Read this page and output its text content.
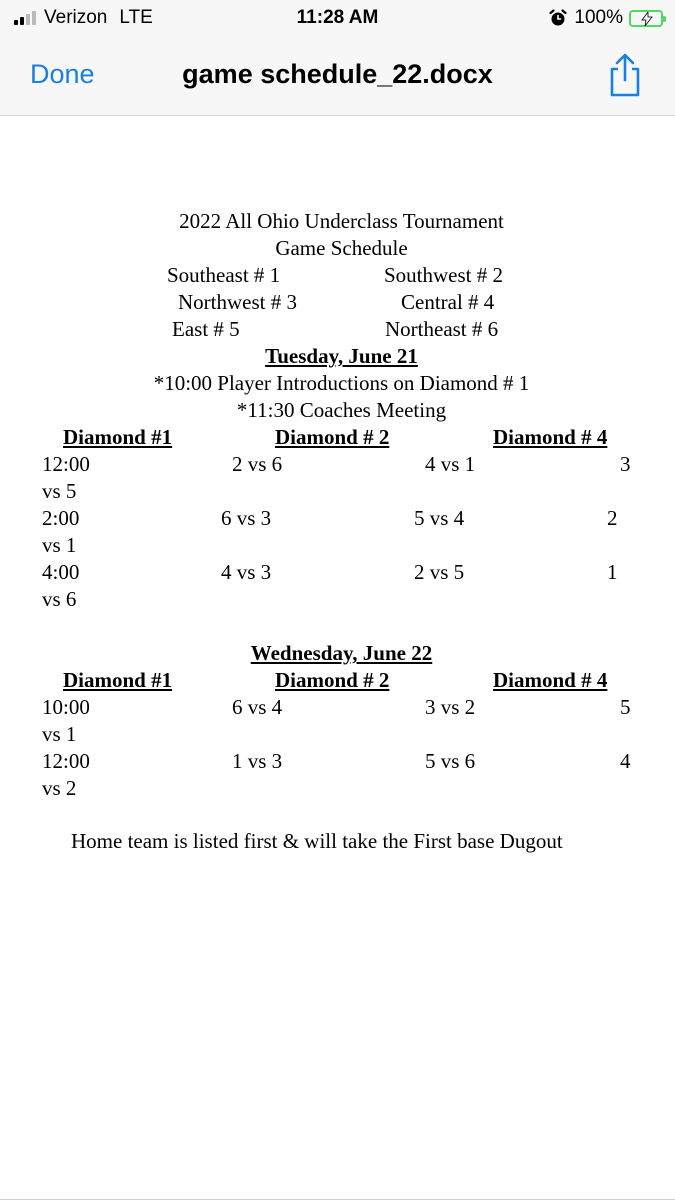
Verizon LTE	11:28 AM	100%
Done	game schedule_22.docx
2022 All Ohio Underclass Tournament
Game Schedule
Southeast # 1	Southwest # 2
Northwest # 3	Central # 4
East # 5	Northeast # 6
Tuesday, June 21
*10:00 Player Introductions on Diamond # 1
*11:30 Coaches Meeting
Diamond #1	Diamond # 2	Diamond # 4
12:00	2 vs 6	4 vs 1	3
vs 5
2:00	6 vs 3	5 vs 4	2
vs 1
4:00	4 vs 3	2 vs 5	1
vs 6
Wednesday, June 22
Diamond #1	Diamond # 2	Diamond # 4
10:00	6 vs 4	3 vs 2	5
vs 1
12:00	1 vs 3	5 vs 6	4
vs 2
Home team is listed first & will take the First base Dugout
